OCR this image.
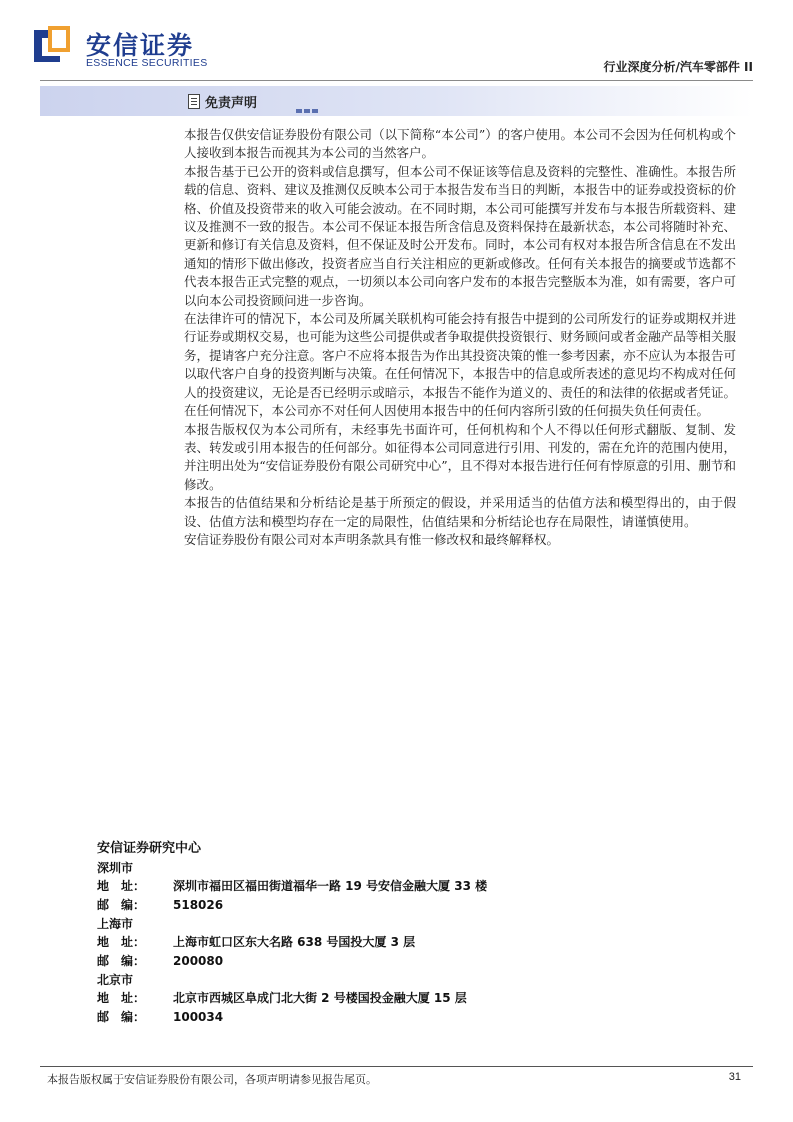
安信证券
ESSENCE SECURITIES	行业深度分析/汽车零部件 II
免责声明

本报告仅供安信证券股份有限公司（以下简称“本公司”）的客户使用。本公司不会因为任何机构或个人接收到本报告而视其为本公司的当然客户。

本报告基于已公开的资料或信息撰写，但本公司不保证该等信息及资料的完整性、准确性。本报告所载的信息、资料、建议及推测仅反映本公司于本报告发布当日的判断，本报告中的证券或投资标的价格、价值及投资带来的收入可能会波动。在不同时期，本公司可能撰写并发布与本报告所载资料、建议及推测不一致的报告。本公司不保证本报告所含信息及资料保持在最新状态，本公司将随时补充、更新和修订有关信息及资料，但不保证及时公开发布。同时，本公司有权对本报告所含信息在不发出通知的情形下做出修改，投资者应当自行关注相应的更新或修改。任何有关本报告的摘要或节选都不代表本报告正式完整的观点，一切须以本公司向客户发布的本报告完整版本为准，如有需要，客户可以向本公司投资顾问进一步咨询。

在法律许可的情况下，本公司及所属关联机构可能会持有报告中提到的公司所发行的证券或期权并进行证券或期权交易，也可能为这些公司提供或者争取提供投资银行、财务顾问或者金融产品等相关服务，提请客户充分注意。客户不应将本报告为作出其投资决策的惟一参考因素，亦不应认为本报告可以取代客户自身的投资判断与决策。在任何情况下，本报告中的信息或所表述的意见均不构成对任何人的投资建议，无论是否已经明示或暗示，本报告不能作为道义的、责任的和法律的依据或者凭证。在任何情况下，本公司亦不对任何人因使用本报告中的任何内容所引致的任何损失负任何责任。

本报告版权仅为本公司所有，未经事先书面许可，任何机构和个人不得以任何形式翻版、复制、发表、转发或引用本报告的任何部分。如征得本公司同意进行引用、刊发的，需在允许的范围内使用，并注明出处为“安信证券股份有限公司研究中心”，且不得对本报告进行任何有悖原意的引用、删节和修改。

本报告的估值结果和分析结论是基于所预定的假设，并采用适当的估值方法和模型得出的，由于假设、估值方法和模型均存在一定的局限性，估值结果和分析结论也存在局限性，请谨慎使用。

安信证券股份有限公司对本声明条款具有惟一修改权和最终解释权。

安信证券研究中心
深圳市
地　址： 深圳市福田区福田街道福华一路 19 号安信金融大厦 33 楼
邮　编： 518026
上海市
地　址： 上海市虹口区东大名路 638 号国投大厦 3 层
邮　编： 200080
北京市
地　址： 北京市西城区阜成门北大街 2 号楼国投金融大厦 15 层
邮　编： 100034
本报告版权属于安信证券股份有限公司，各项声明请参见报告尾页。	31
